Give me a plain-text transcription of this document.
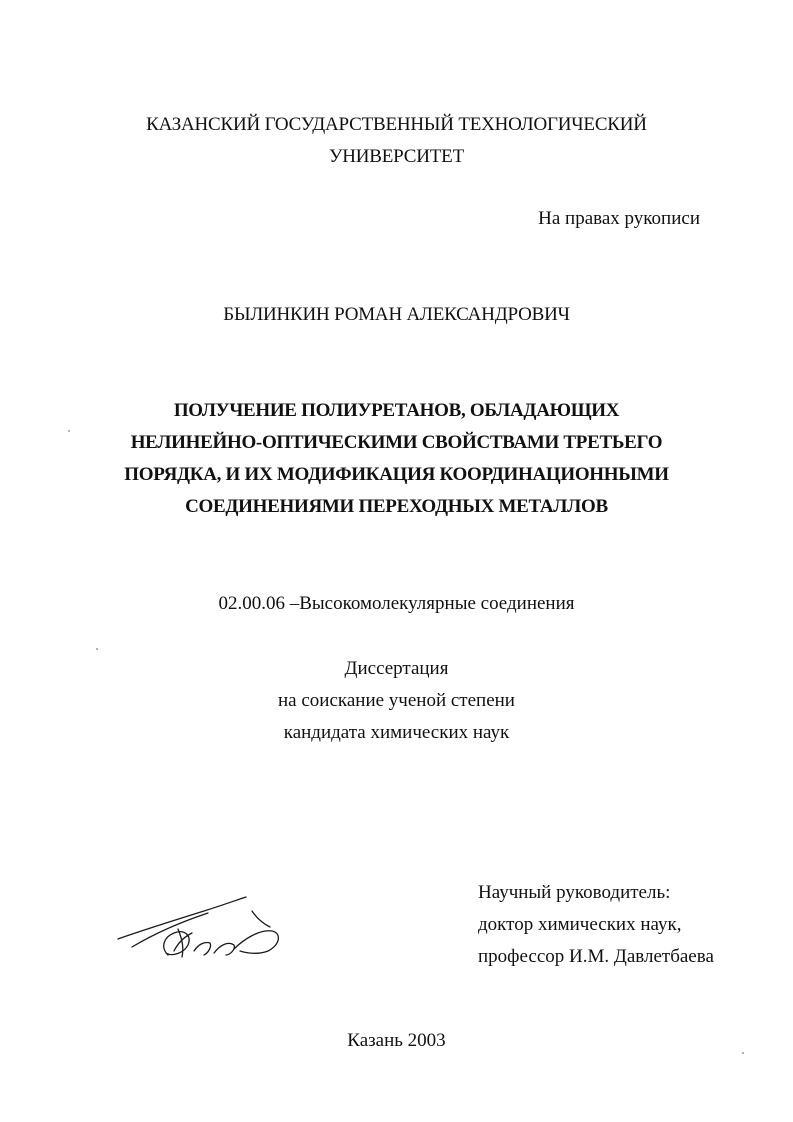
КАЗАНСКИЙ ГОСУДАРСТВЕННЫЙ ТЕХНОЛОГИЧЕСКИЙ
УНИВЕРСИТЕТ
На правах рукописи
БЫЛИНКИН РОМАН АЛЕКСАНДРОВИЧ
ПОЛУЧЕНИЕ ПОЛИУРЕТАНОВ, ОБЛАДАЮЩИХ
НЕЛИНЕЙНО-ОПТИЧЕСКИМИ СВОЙСТВАМИ ТРЕТЬЕГО
ПОРЯДКА, И ИХ МОДИФИКАЦИЯ КООРДИНАЦИОННЫМИ
СОЕДИНЕНИЯМИ ПЕРЕХОДНЫХ МЕТАЛЛОВ
02.00.06 –Высокомолекулярные соединения
Диссертация
на соискание ученой степени
кандидата химических наук
Научный руководитель:
доктор химических наук,
профессор И.М. Давлетбаева
Казань 2003
